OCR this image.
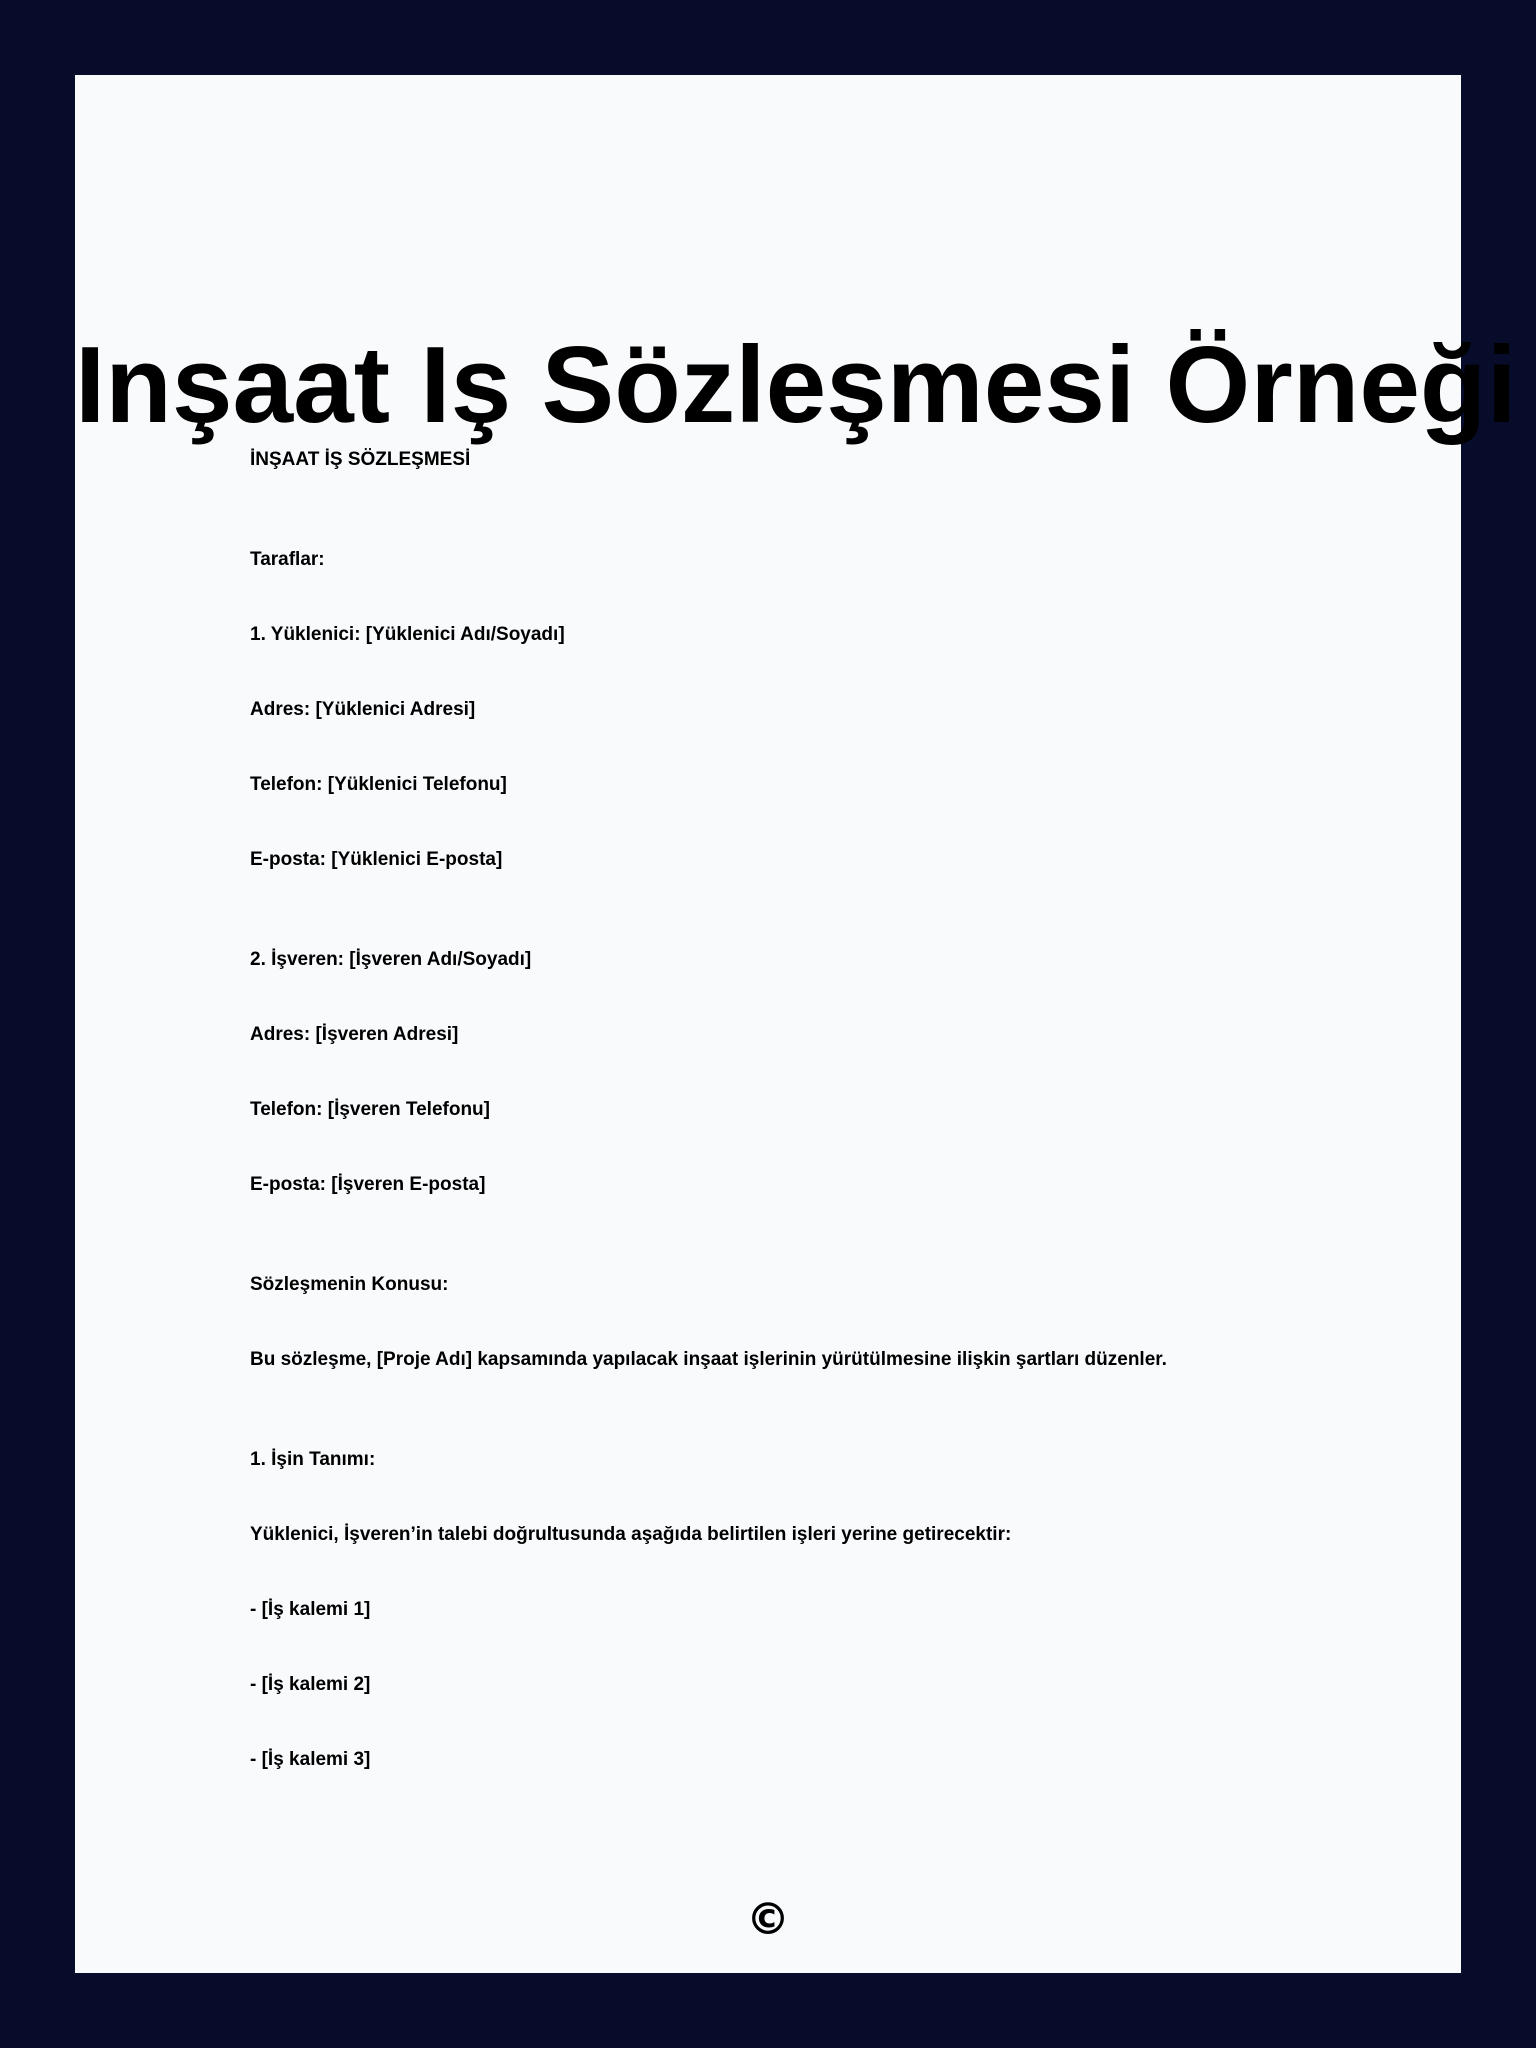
Inşaat Iş Sözleşmesi Örneği

İNŞAAT İŞ SÖZLEŞMESİ

Taraflar:

1. Yüklenici: [Yüklenici Adı/Soyadı]

Adres: [Yüklenici Adresi]

Telefon: [Yüklenici Telefonu]

E-posta: [Yüklenici E-posta]

2. İşveren: [İşveren Adı/Soyadı]

Adres: [İşveren Adresi]

Telefon: [İşveren Telefonu]

E-posta: [İşveren E-posta]

Sözleşmenin Konusu:

Bu sözleşme, [Proje Adı] kapsamında yapılacak inşaat işlerinin yürütülmesine ilişkin şartları düzenler.

1. İşin Tanımı:

Yüklenici, İşveren’in talebi doğrultusunda aşağıda belirtilen işleri yerine getirecektir:

- [İş kalemi 1]

- [İş kalemi 2]

- [İş kalemi 3]

©
